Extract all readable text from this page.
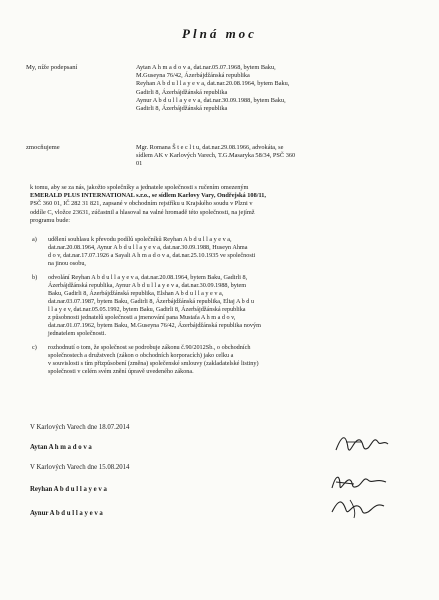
Plná moc
My, níže podepsaní	Aytan A h m a d o v a, dat.nar.05.07.1968, bytem Baku,
M.Guseyna 76/42, Ázerbájdžánská republika
Reyhan A b d u l l a y e v a, dat.nar.20.08.1964, bytem Baku,
Gadirli 8, Ázerbájdžánská republika
Aynur A b d u l l a y e v a, dat.nar.30.09.1988, bytem Baku,
Gadirli 8, Ázerbájdžánská republika
zmocňujeme	Mgr. Romana Š t e c l t u, dat.nar.29.08.1966, advokáta, se
sídlem AK v Karlových Varech, T.G.Masaryka 58/34, PSČ 360
01
k tomu, aby se za nás, jakožto společníky a jednatele společnosti s ručením omezeným
EMERALD PLUS INTERNATIONAL s.r.o., se sídlem Karlovy Vary, Ondřejská 108/11,
PSČ 360 01, IČ 282 31 821, zapsané v obchodním rejstříku u Krajského soudu v Plzni v
oddíle C, vložce 23631, zúčastnil a hlasoval na valné hromadě této společnosti, na jejímž
programu bude:
a) udělení souhlasu k převodu podílů společníků Reyhan A b d u l l a y e v a,
dat.nar.20.08.1964, Aynur A b d u l l a y e v a, dat.nar.30.09.1988, Huseyn Ahma
d o v, dat.nar.17.07.1926 a Sayali A h m a d o v a, dat.nar.25.10.1935 ve společnosti
na jinou osobu,
b) odvolání Reyhan A b d u l l a y e v a, dat.nar.20.08.1964, bytem Baku, Gadirli 8,
Ázerbájdžánská republika, Aynur A b d u l l a y e v a, dat.nar.30.09.1988, bytem
Baku, Gadirli 8, Ázerbájdžánská republika, Elshan A b d u l l a y e v a,
dat.nar.03.07.1987, bytem Baku, Gadirli 8, Ázerbájdžánská republika, Eltaj A b d u
l l a y e v, dat.nar.05.05.1992, bytem Baku, Gadirli 8, Ázerbájdžánská republika
z působnosti jednatelů společnosti a jmenování pana Mustafa A h m a d o v,
dat.nar.01.07.1962, bytem Baku, M.Guseyna 76/42, Ázerbájdžánská republika novým
jednatelem společnosti.
c) rozhodnutí o tom, že společnost se podrobuje zákonu č.90/2012Sb., o obchodních
společnostech a družstvech (zákon o obchodních korporacích) jako celku a
v souvislosti s tím přizpůsobení (změna) společenské smlouvy (zakladatelské listiny)
společnosti v celém svém znění úpravě uvedeného zákona.
V Karlových Varech dne 18.07.2014
Aytan A h m a d o v a
V Karlových Varech dne 15.08.2014
Reyhan A b d u l l a y e v a
Aynur A b d u l l a y e v a
